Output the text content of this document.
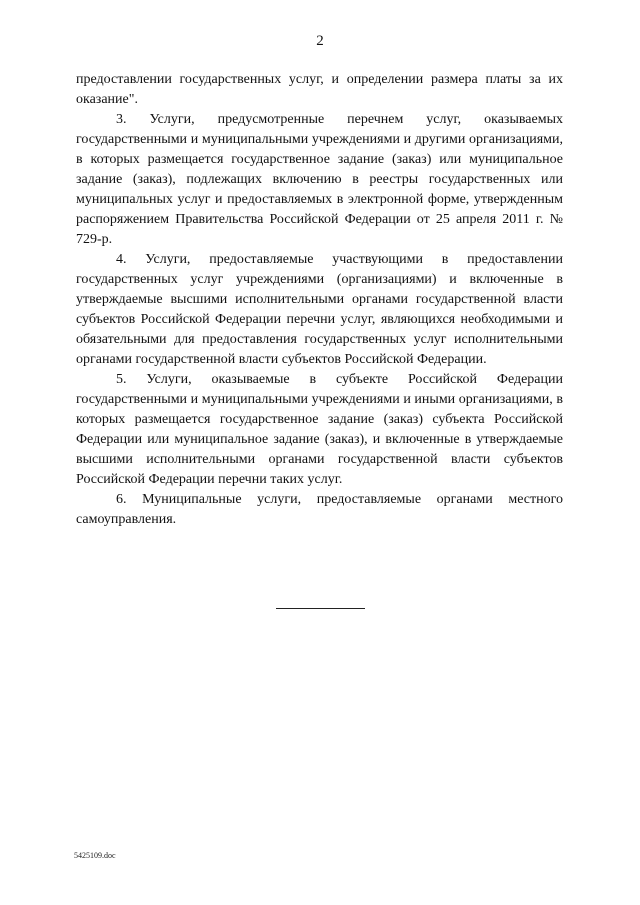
2

предоставлении государственных услуг, и определении размера платы за их оказание".

3. Услуги, предусмотренные перечнем услуг, оказываемых государственными и муниципальными учреждениями и другими организациями, в которых размещается государственное задание (заказ) или муниципальное задание (заказ), подлежащих включению в реестры государственных или муниципальных услуг и предоставляемых в электронной форме, утвержденным распоряжением Правительства Российской Федерации от 25 апреля 2011 г. № 729-р.

4. Услуги, предоставляемые участвующими в предоставлении государственных услуг учреждениями (организациями) и включенные в утверждаемые высшими исполнительными органами государственной власти субъектов Российской Федерации перечни услуг, являющихся необходимыми и обязательными для предоставления государственных услуг исполнительными органами государственной власти субъектов Российской Федерации.

5. Услуги, оказываемые в субъекте Российской Федерации государственными и муниципальными учреждениями и иными организациями, в которых размещается государственное задание (заказ) субъекта Российской Федерации или муниципальное задание (заказ), и включенные в утверждаемые высшими исполнительными органами государственной власти субъектов Российской Федерации перечни таких услуг.

6. Муниципальные услуги, предоставляемые органами местного самоуправления.

5425109.doc
